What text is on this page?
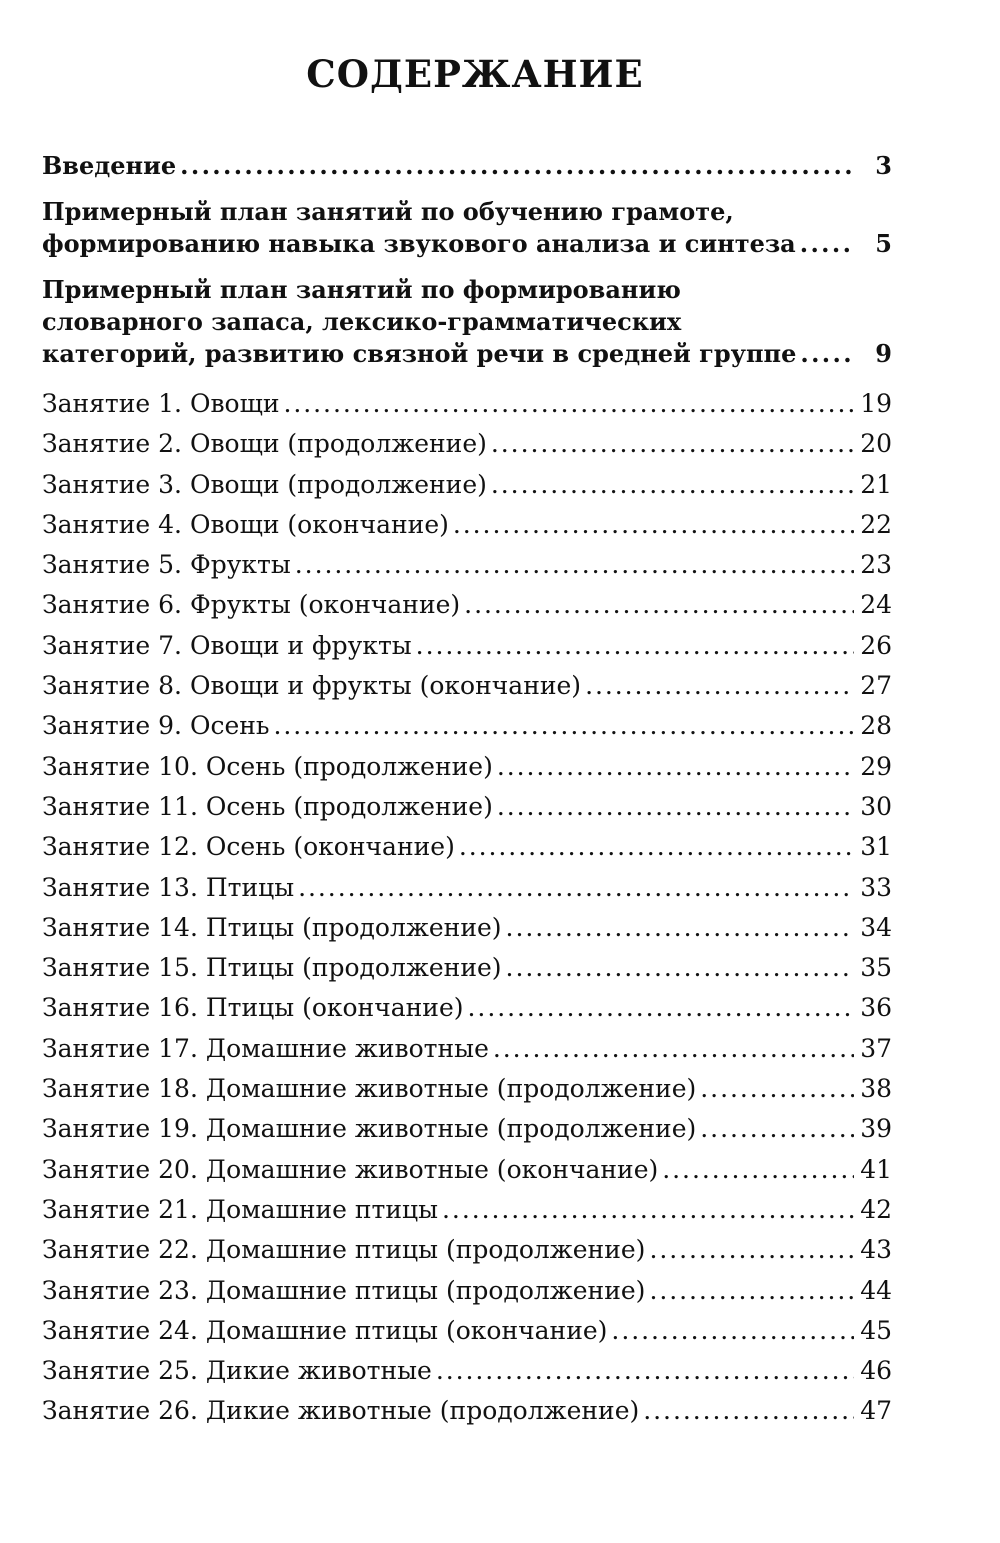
СОДЕРЖАНИЕ
Введение . . .	3
Примерный план занятий по обучению грамоте,
формированию навыка звукового анализа и синтеза . . .	5
Примерный план занятий по формированию
словарного запаса, лексико-грамматических
категорий, развитию связной речи в средней группе . . .	9
Занятие 1. Овощи . . .	19
Занятие 2. Овощи (продолжение) . . .	20
Занятие 3. Овощи (продолжение) . . .	21
Занятие 4. Овощи (окончание) . . .	22
Занятие 5. Фрукты . . .	23
Занятие 6. Фрукты (окончание) . . .	24
Занятие 7. Овощи и фрукты . . .	26
Занятие 8. Овощи и фрукты (окончание) . . .	27
Занятие 9. Осень . . .	28
Занятие 10. Осень (продолжение) . . .	29
Занятие 11. Осень (продолжение) . . .	30
Занятие 12. Осень (окончание) . . .	31
Занятие 13. Птицы . . .	33
Занятие 14. Птицы (продолжение) . . .	34
Занятие 15. Птицы (продолжение) . . .	35
Занятие 16. Птицы (окончание) . . .	36
Занятие 17. Домашние животные . . .	37
Занятие 18. Домашние животные (продолжение) . . .	38
Занятие 19. Домашние животные (продолжение) . . .	39
Занятие 20. Домашние животные (окончание) . . .	41
Занятие 21. Домашние птицы . . .	42
Занятие 22. Домашние птицы (продолжение) . . .	43
Занятие 23. Домашние птицы (продолжение) . . .	44
Занятие 24. Домашние птицы (окончание) . . .	45
Занятие 25. Дикие животные . . .	46
Занятие 26. Дикие животные (продолжение) . . .	47
